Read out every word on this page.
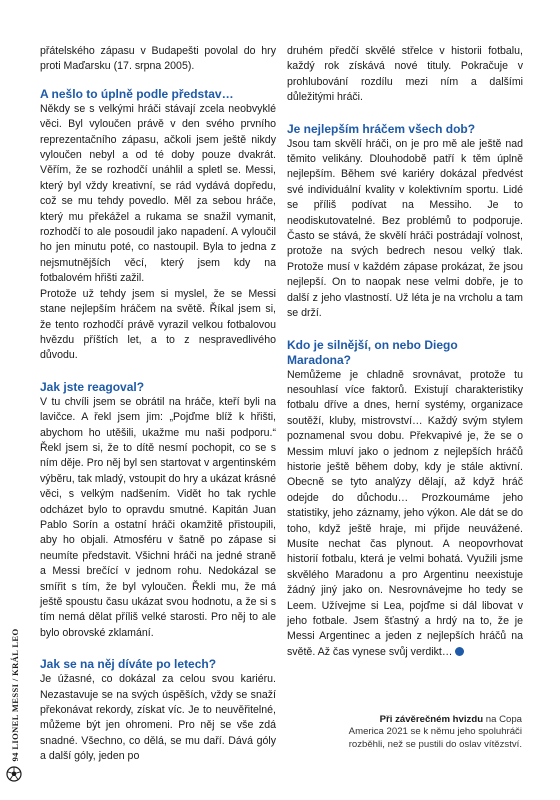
přátelského zápasu v Budapešti povolal do hry proti Maďarsku (17. srpna 2005).

A nešlo to úplně podle představ…

Někdy se s velkými hráči stávají zcela neobvyklé věci. Byl vyloučen právě v den svého prvního reprezentačního zápasu, ačkoli jsem ještě nikdy vyloučen nebyl a od té doby pouze dvakrát. Věřím, že se rozhodčí unáhlil a spletl se. Messi, který byl vždy kreativní, se rád vydává dopředu, což se mu tehdy povedlo. Měl za sebou hráče, který mu překážel a rukama se snažil vymanit, rozhodčí to ale posoudil jako napadení. A vyloučil ho jen minutu poté, co nastoupil. Byla to jedna z nejsmutnějších věcí, který jsem kdy na fotbalovém hřišti zažil.

Protože už tehdy jsem si myslel, že se Messi stane nejlepším hráčem na světě. Říkal jsem si, že tento rozhodčí právě vyrazil velkou fotbalovou hvězdu příštích let, a to z nespravedlivého důvodu.

Jak jste reagoval?

V tu chvíli jsem se obrátil na hráče, kteří byli na lavičce. A řekl jsem jim: „Pojďme blíž k hřišti, abychom ho utěšili, ukažme mu naši podporu.“ Řekl jsem si, že to dítě nesmí pochopit, co se s ním děje. Pro něj byl sen startovat v argentinském výběru, tak mladý, vstoupit do hry a ukázat krásné věci, s velkým nadšením. Vidět ho tak rychle odcházet bylo to opravdu smutné. Kapitán Juan Pablo Sorín a ostatní hráči okamžitě přistoupili, aby ho objali. Atmosféru v šatně po zápase si neumíte představit. Všichni hráči na jedné straně a Messi brečící v jednom rohu. Nedokázal se smířit s tím, že byl vyloučen. Řekli mu, že má ještě spoustu času ukázat svou hodnotu, a že si s tím nemá dělat příliš velké starosti. Pro něj to ale bylo obrovské zklamání.

Jak se na něj díváte po letech?

Je úžasné, co dokázal za celou svou kariéru. Nezastavuje se na svých úspěších, vždy se snaží překonávat rekordy, získat víc. Je to neuvěřitelné, můžeme být jen ohromeni. Pro něj se vše zdá snadné. Všechno, co dělá, se mu daří. Dává góly a další góly, jeden po

druhém předčí skvělé střelce v historii fotbalu, každý rok získává nové tituly. Pokračuje v prohlubování rozdílu mezi ním a dalšími důležitými hráči.

Je nejlepším hráčem všech dob?

Jsou tam skvělí hráči, on je pro mě ale ještě nad těmito velikány. Dlouhodobě patří k těm úplně nejlepším. Během své kariéry dokázal předvést své individuální kvality v kolektivním sportu. Lidé se příliš podívat na Messiho. Je to neodiskutovatelné. Bez problémů to podporuje. Často se stává, že skvělí hráči postrádají volnost, protože na svých bedrech nesou velký tlak. Protože musí v každém zápase prokázat, že jsou nejlepší. On to naopak nese velmi dobře, je to další z jeho vlastností. Už léta je na vrcholu a tam se drží.

Kdo je silnější, on nebo Diego Maradona?

Nemůžeme je chladně srovnávat, protože tu nesouhlasí více faktorů. Existují charakteristiky fotbalu dříve a dnes, herní systémy, organizace soutěží, kluby, mistrovství… Každý svým stylem poznamenal svou dobu. Překvapivé je, že se o Messim mluví jako o jednom z nejlepších hráčů historie ještě během doby, kdy je stále aktivní. Obecně se tyto analýzy dělají, až když hráč odejde do důchodu… Prozkoumáme jeho statistiky, jeho záznamy, jeho výkon. Ale dát se do toho, když ještě hraje, mi přijde neuvážené. Musíte nechat čas plynout. A neopovrhovat historií fotbalu, která je velmi bohatá. Využili jsme skvělého Maradonu a pro Argentinu neexistuje žádný jiný jako on. Nesrovnávejme ho tedy se Leem. Užívejme si Lea, pojďme si dál libovat v jeho fotbale. Jsem šťastný a hrdý na to, že je Messi Argentinec a jeden z nejlepších hráčů na světě. Až čas vynese svůj verdikt…

94 LIONEL MESSI / KRÁL LEO	Při závěrečném hvizdu na Copa America 2021 se k němu jeho spoluhráči rozběhli, než se pustili do oslav vítězství.
